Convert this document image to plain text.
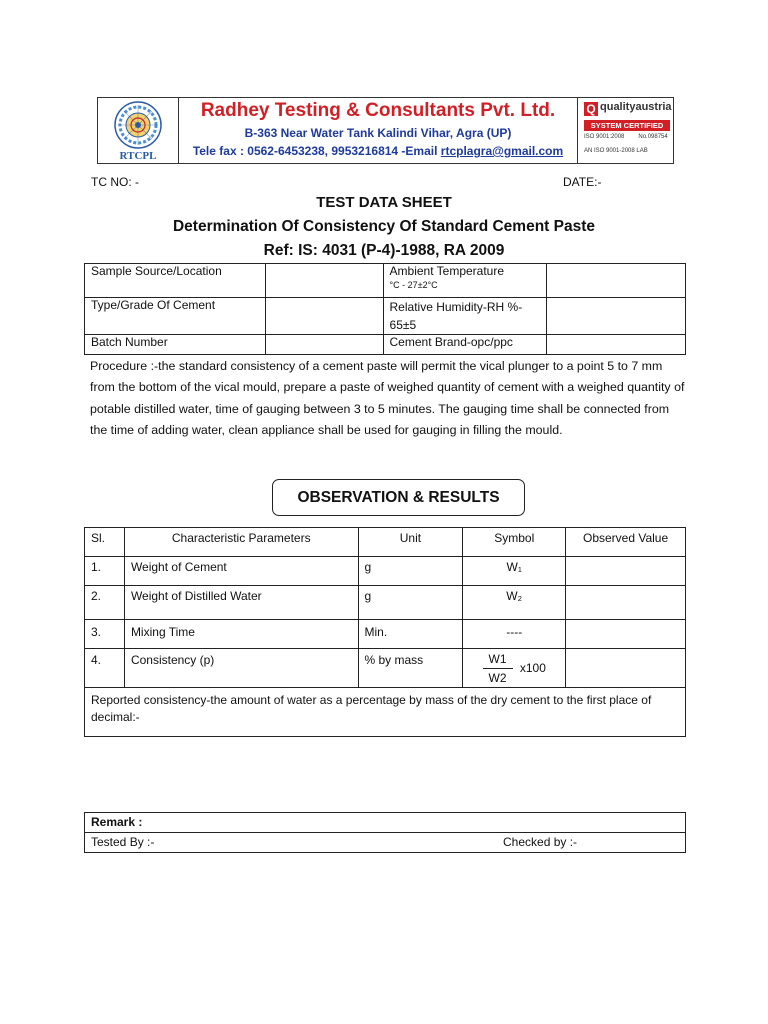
RTCPL
Radhey Testing & Consultants Pvt. Ltd.
B-363 Near Water Tank Kalindi Vihar, Agra (UP)
Tele fax : 0562-6453238, 9953216814 -Email rtcplagra@gmail.com
Q qualityaustria
SYSTEM CERTIFIED
ISO 9001:2008 No.098754
AN ISO 9001-2008 LAB
TC NO: -	DATE:-
TEST DATA SHEET
Determination Of Consistency Of Standard Cement Paste
Ref: IS: 4031 (P-4)-1988, RA 2009
Sample Source/Location		Ambient Temperature
°C - 27±2°C	

Type/Grade Of Cement		Relative Humidity-RH %-
65±5	

Batch Number		Cement Brand-opc/ppc	
Procedure :-the standard consistency of a cement paste will permit the vical plunger to a point 5 to 7 mm from the bottom of the vical mould, prepare a paste of weighed quantity of cement with a weighed quantity of potable distilled water, time of gauging between 3 to 5 minutes. The gauging time shall be connected from the time of adding water, clean appliance shall be used for gauging in filling the mould.
OBSERVATION & RESULTS
Sl.	Characteristic Parameters	Unit	Symbol	Observed Value
1.	Weight of Cement	g	W₁	
2.	Weight of Distilled Water	g	W₂	
3.	Mixing Time	Min.	----	
4.	Consistency (p)	% by mass	$\frac{W1}{W2} x100$	
Reported consistency-the amount of water as a percentage by mass of the dry cement to the first place of decimal:-				
Remark :
Tested By :-	Checked by :-
